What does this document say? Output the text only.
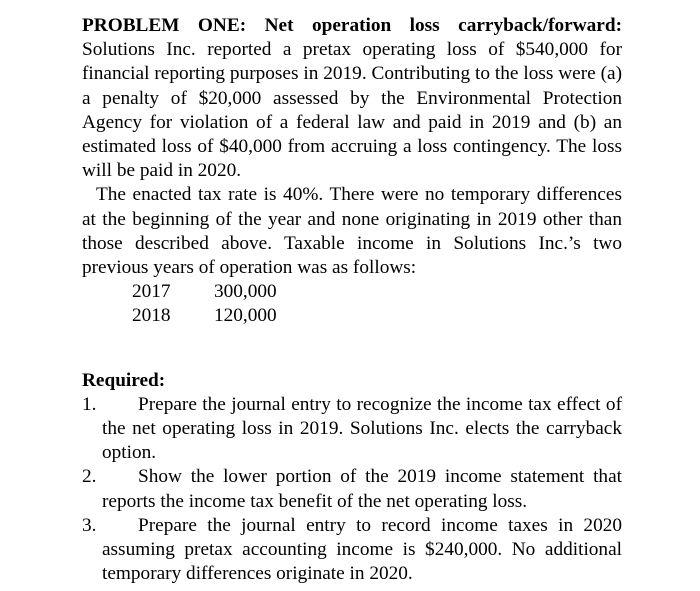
PROBLEM ONE: Net operation loss carryback/forward: Solutions Inc. reported a pretax operating loss of $540,000 for financial reporting purposes in 2019. Contributing to the loss were (a) a penalty of $20,000 assessed by the Environmental Protection Agency for violation of a federal law and paid in 2019 and (b) an estimated loss of $40,000 from accruing a loss contingency. The loss will be paid in 2020.

The enacted tax rate is 40%. There were no temporary differences at the beginning of the year and none originating in 2019 other than those described above. Taxable income in Solutions Inc.’s two previous years of operation was as follows:

2017	300,000
2018	120,000

Required:

1.	Prepare the journal entry to recognize the income tax effect of the net operating loss in 2019. Solutions Inc. elects the carryback option.
2.	Show the lower portion of the 2019 income statement that reports the income tax benefit of the net operating loss.
3.	Prepare the journal entry to record income taxes in 2020 assuming pretax accounting income is $240,000. No additional temporary differences originate in 2020.
